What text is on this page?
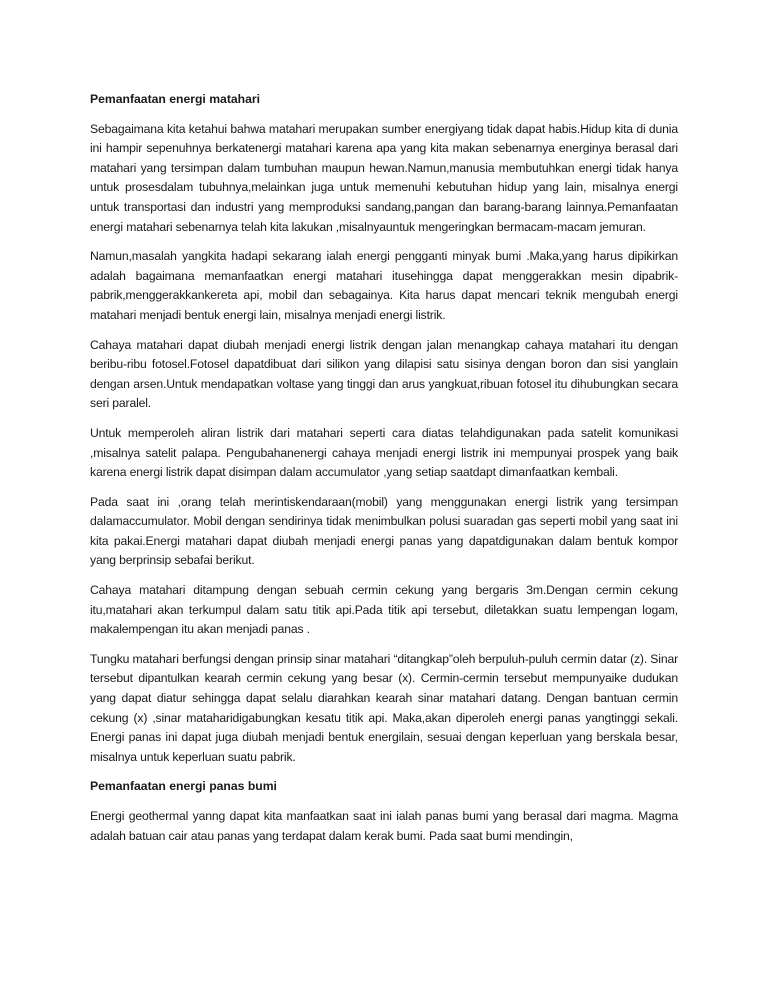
Pemanfaatan energi matahari

Sebagaimana kita ketahui bahwa matahari merupakan sumber energiyang tidak dapat habis.Hidup kita di dunia ini hampir sepenuhnya berkatenergi matahari karena apa yang kita makan sebenarnya energinya berasal dari matahari yang tersimpan dalam tumbuhan maupun hewan.Namun,manusia membutuhkan energi tidak hanya untuk prosesdalam tubuhnya,melainkan juga untuk memenuhi kebutuhan hidup yang lain, misalnya energi untuk transportasi dan industri yang memproduksi sandang,pangan dan barang-barang lainnya.Pemanfaatan energi matahari sebenarnya telah kita lakukan ,misalnyauntuk mengeringkan bermacam-macam jemuran.

Namun,masalah yangkita hadapi sekarang ialah energi pengganti minyak bumi .Maka,yang harus dipikirkan adalah bagaimana memanfaatkan energi matahari itusehingga dapat menggerakkan mesin dipabrik-pabrik,menggerakkankereta api, mobil dan sebagainya. Kita harus dapat mencari teknik mengubah energi matahari menjadi bentuk energi lain, misalnya menjadi energi listrik.

Cahaya matahari dapat diubah menjadi energi listrik dengan jalan menangkap cahaya matahari itu dengan beribu-ribu fotosel.Fotosel dapatdibuat dari silikon yang dilapisi satu sisinya dengan boron dan sisi yanglain dengan arsen.Untuk mendapatkan voltase yang tinggi dan arus yangkuat,ribuan fotosel itu dihubungkan secara seri paralel.

Untuk memperoleh aliran listrik dari matahari seperti cara diatas telahdigunakan pada satelit komunikasi ,misalnya satelit palapa. Pengubahanenergi cahaya menjadi energi listrik ini mempunyai prospek yang baik karena energi listrik dapat disimpan dalam accumulator ,yang setiap saatdapt dimanfaatkan kembali.

Pada saat ini ,orang telah merintiskendaraan(mobil) yang menggunakan energi listrik yang tersimpan dalamaccumulator. Mobil dengan sendirinya tidak menimbulkan polusi suaradan gas seperti mobil yang saat ini kita pakai.Energi matahari dapat diubah menjadi energi panas yang dapatdigunakan dalam bentuk kompor yang berprinsip sebafai berikut.

Cahaya matahari ditampung dengan sebuah cermin cekung yang bergaris 3m.Dengan cermin cekung itu,matahari akan terkumpul dalam satu titik api.Pada titik api tersebut, diletakkan suatu lempengan logam, makalempengan itu akan menjadi panas .

Tungku matahari berfungsi dengan prinsip sinar matahari “ditangkap”oleh berpuluh-puluh cermin datar (z). Sinar tersebut dipantulkan kearah cermin cekung yang besar (x). Cermin-cermin tersebut mempunyaike dudukan yang dapat diatur sehingga dapat selalu diarahkan kearah sinar matahari datang. Dengan bantuan cermin cekung (x) ,sinar mataharidigabungkan kesatu titik api. Maka,akan diperoleh energi panas yangtinggi sekali. Energi panas ini dapat juga diubah menjadi bentuk energilain, sesuai dengan keperluan yang berskala besar, misalnya untuk keperluan suatu pabrik.

Pemanfaatan energi panas bumi

Energi geothermal yanng dapat kita manfaatkan saat ini ialah panas bumi yang berasal dari magma. Magma adalah batuan cair atau panas yang terdapat dalam kerak bumi. Pada saat bumi mendingin,
